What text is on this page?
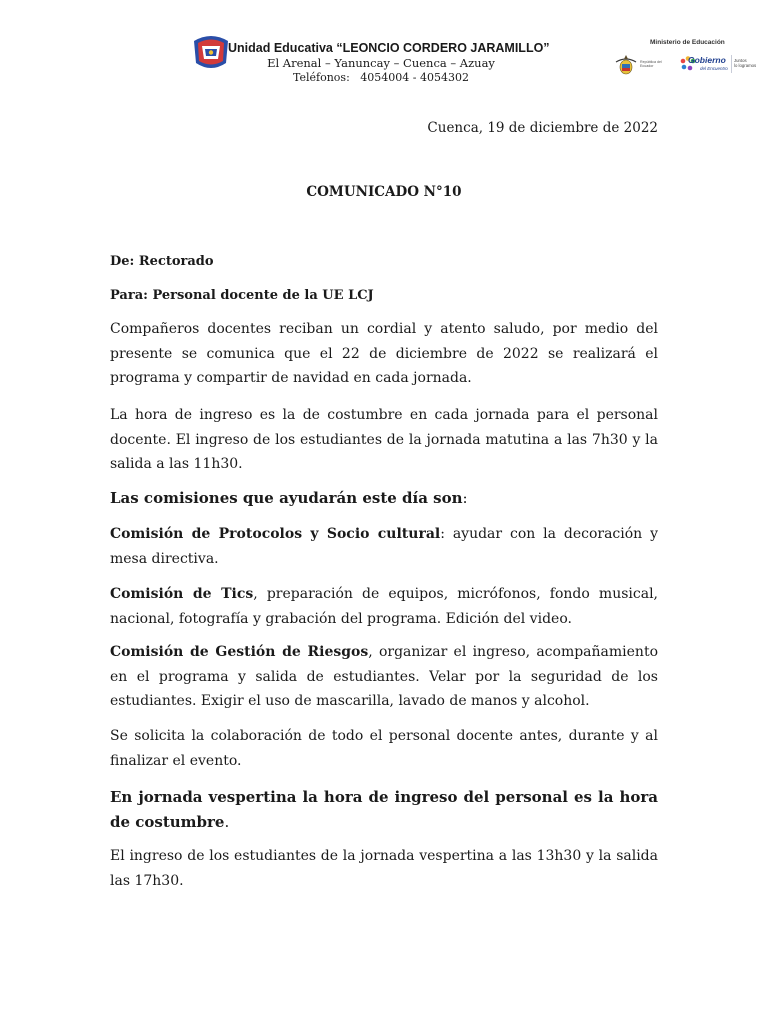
Unidad Educativa “LEONCIO CORDERO JARAMILLO”
El Arenal – Yanuncay – Cuenca – Azuay
Teléfonos: 4054004 - 4054302
Ministerio de Educación
República del Ecuador
Gobierno
del Encuentro
Juntos
lo logramos
Cuenca, 19 de diciembre de 2022
COMUNICADO N°10
De: Rectorado
Para: Personal docente de la UE LCJ
Compañeros docentes reciban un cordial y atento saludo, por medio del presente se comunica que el 22 de diciembre de 2022 se realizará el programa y compartir de navidad en cada jornada.
La hora de ingreso es la de costumbre en cada jornada para el personal docente. El ingreso de los estudiantes de la jornada matutina a las 7h30 y la salida a las 11h30.
Las comisiones que ayudarán este día son:
Comisión de Protocolos y Socio cultural: ayudar con la decoración y mesa directiva.
Comisión de Tics, preparación de equipos, micrófonos, fondo musical, nacional, fotografía y grabación del programa. Edición del video.
Comisión de Gestión de Riesgos, organizar el ingreso, acompañamiento en el programa y salida de estudiantes. Velar por la seguridad de los estudiantes. Exigir el uso de mascarilla, lavado de manos y alcohol.
Se solicita la colaboración de todo el personal docente antes, durante y al finalizar el evento.
En jornada vespertina la hora de ingreso del personal es la hora de costumbre.
El ingreso de los estudiantes de la jornada vespertina a las 13h30 y la salida las 17h30.
